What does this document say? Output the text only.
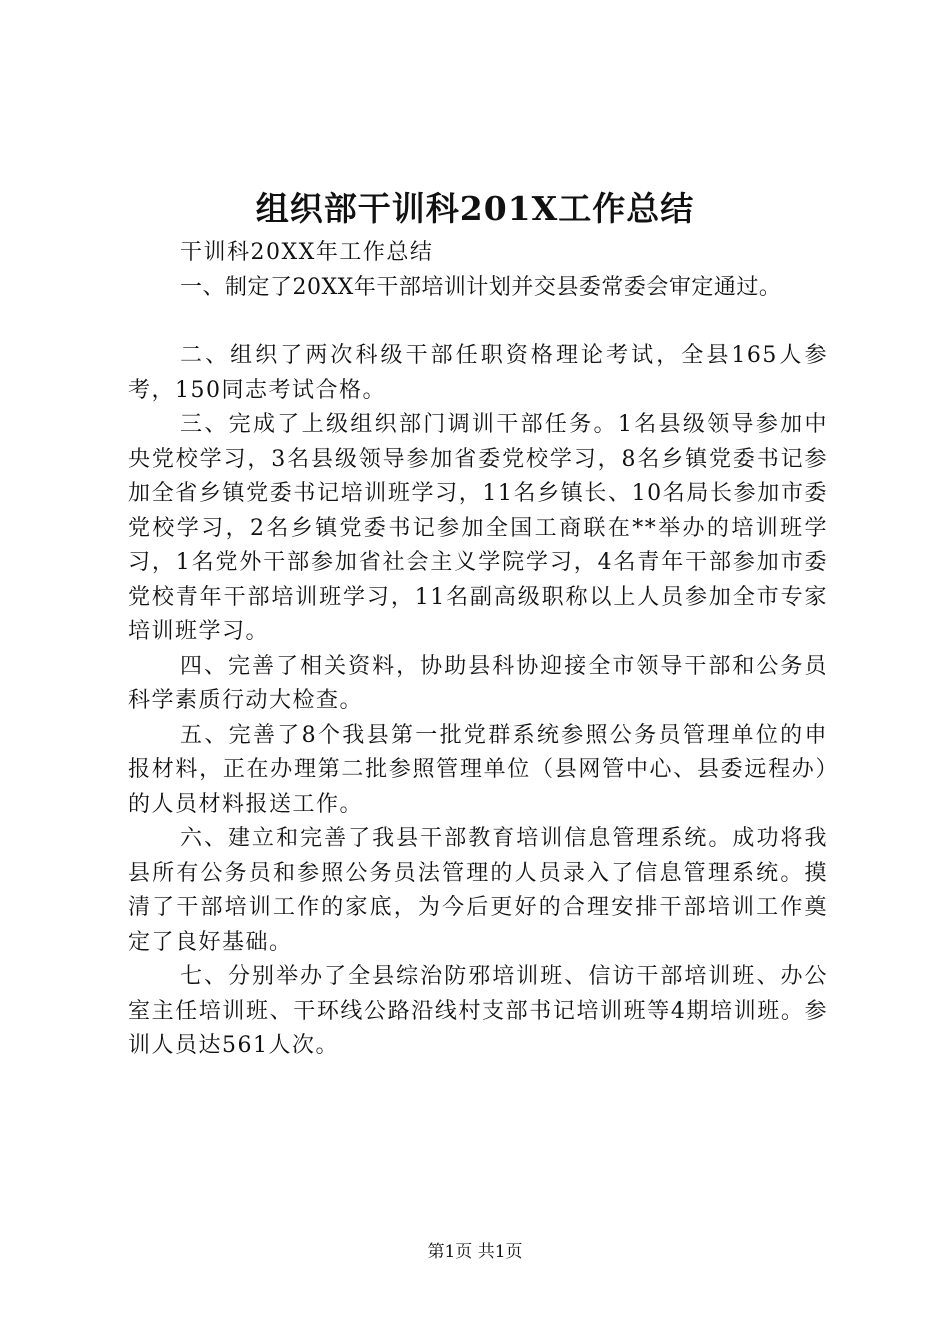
组织部干训科201X工作总结

干训科20XX年工作总结

一、制定了20XX年干部培训计划并交县委常委会审定通过。

二、组织了两次科级干部任职资格理论考试，全县165人参考，150同志考试合格。

三、完成了上级组织部门调训干部任务。1名县级领导参加中央党校学习，3名县级领导参加省委党校学习，8名乡镇党委书记参加全省乡镇党委书记培训班学习，11名乡镇长、10名局长参加市委党校学习，2名乡镇党委书记参加全国工商联在**举办的培训班学习，1名党外干部参加省社会主义学院学习，4名青年干部参加市委党校青年干部培训班学习，11名副高级职称以上人员参加全市专家培训班学习。

四、完善了相关资料，协助县科协迎接全市领导干部和公务员科学素质行动大检查。

五、完善了8个我县第一批党群系统参照公务员管理单位的申报材料，正在办理第二批参照管理单位（县网管中心、县委远程办）的人员材料报送工作。

六、建立和完善了我县干部教育培训信息管理系统。成功将我县所有公务员和参照公务员法管理的人员录入了信息管理系统。摸清了干部培训工作的家底，为今后更好的合理安排干部培训工作奠定了良好基础。

七、分别举办了全县综治防邪培训班、信访干部培训班、办公室主任培训班、干环线公路沿线村支部书记培训班等4期培训班。参训人员达561人次。

第1页 共1页
